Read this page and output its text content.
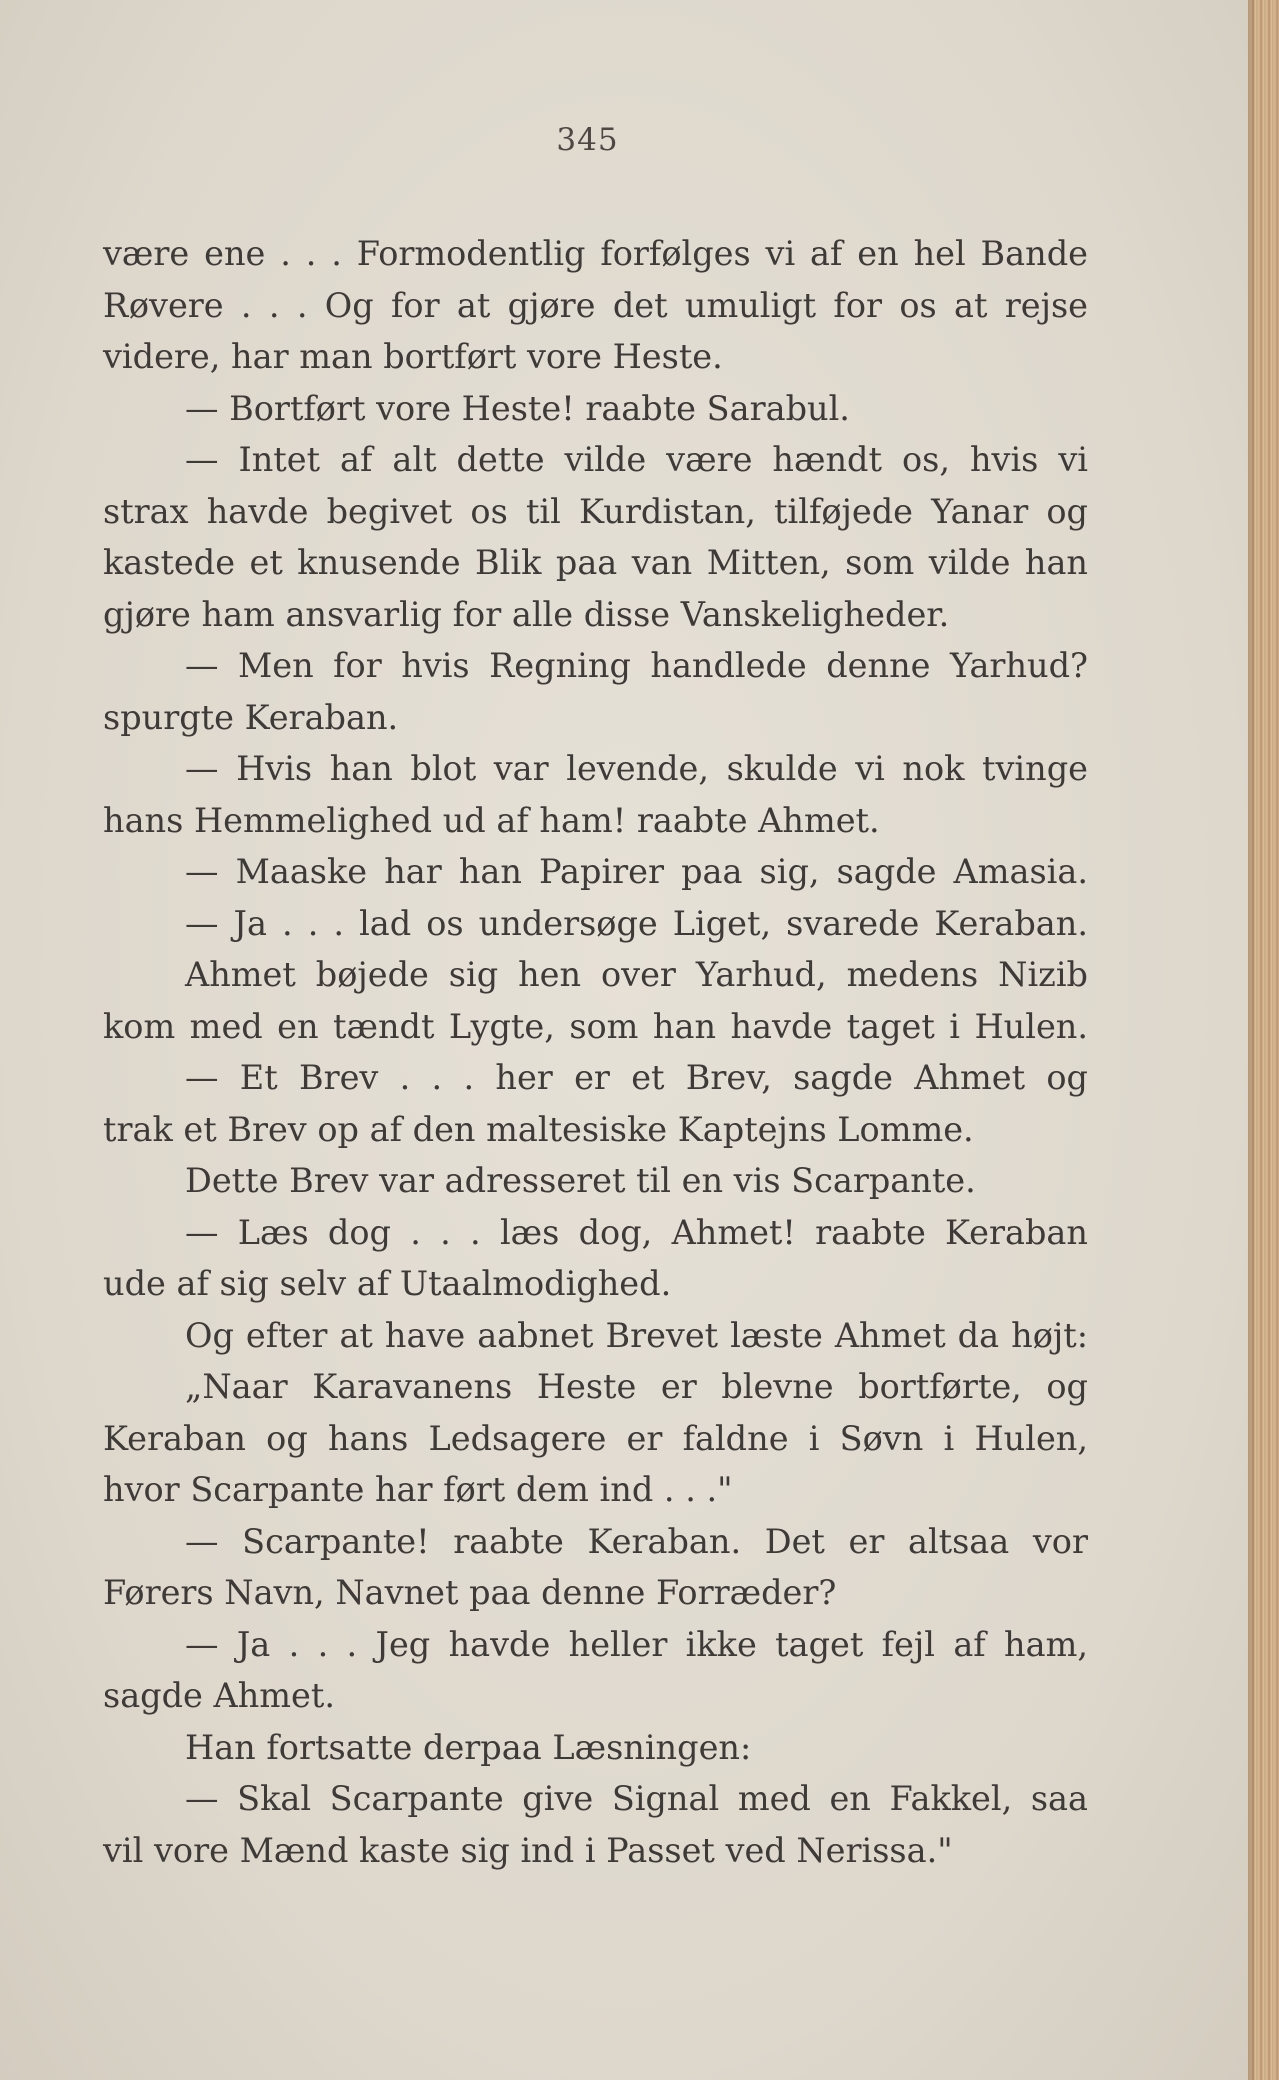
345
være ene . . . Formodentlig forfølges vi af en hel Bande
Røvere . . . Og for at gjøre det umuligt for os at rejse
videre, har man bortført vore Heste.
— Bortført vore Heste! raabte Sarabul.
— Intet af alt dette vilde være hændt os, hvis vi
strax havde begivet os til Kurdistan, tilføjede Yanar og
kastede et knusende Blik paa van Mitten, som vilde han
gjøre ham ansvarlig for alle disse Vanskeligheder.
— Men for hvis Regning handlede denne Yarhud?
spurgte Keraban.
— Hvis han blot var levende, skulde vi nok tvinge
hans Hemmelighed ud af ham! raabte Ahmet.
— Maaske har han Papirer paa sig, sagde Amasia.
— Ja . . . lad os undersøge Liget, svarede Keraban.
Ahmet bøjede sig hen over Yarhud, medens Nizib
kom med en tændt Lygte, som han havde taget i Hulen.
— Et Brev . . . her er et Brev, sagde Ahmet og
trak et Brev op af den maltesiske Kaptejns Lomme.
Dette Brev var adresseret til en vis Scarpante.
— Læs dog . . . læs dog, Ahmet! raabte Keraban
ude af sig selv af Utaalmodighed.
Og efter at have aabnet Brevet læste Ahmet da højt:
„Naar Karavanens Heste er blevne bortførte, og
Keraban og hans Ledsagere er faldne i Søvn i Hulen,
hvor Scarpante har ført dem ind . . ."
— Scarpante! raabte Keraban. Det er altsaa vor
Førers Navn, Navnet paa denne Forræder?
— Ja . . . Jeg havde heller ikke taget fejl af ham,
sagde Ahmet.
Han fortsatte derpaa Læsningen:
— Skal Scarpante give Signal med en Fakkel, saa
vil vore Mænd kaste sig ind i Passet ved Nerissa."
